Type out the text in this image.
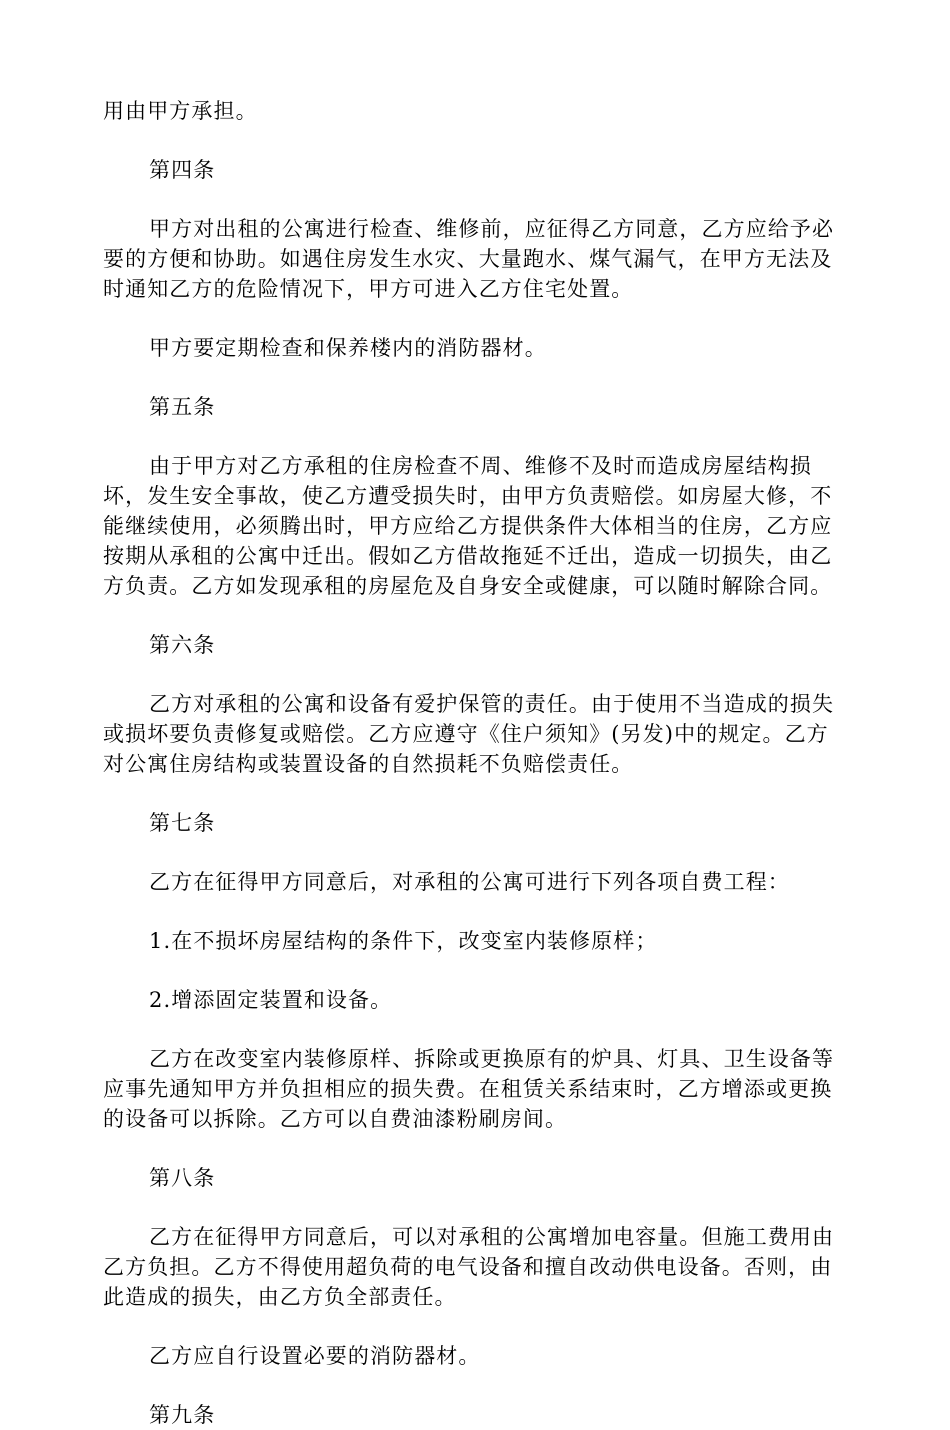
用由甲方承担。

第四条

甲方对出租的公寓进行检查、维修前，应征得乙方同意，乙方应给予必要的方便和协助。如遇住房发生水灾、大量跑水、煤气漏气，在甲方无法及时通知乙方的危险情况下，甲方可进入乙方住宅处置。

甲方要定期检查和保养楼内的消防器材。

第五条

由于甲方对乙方承租的住房检查不周、维修不及时而造成房屋结构损坏，发生安全事故，使乙方遭受损失时，由甲方负责赔偿。如房屋大修，不能继续使用，必须腾出时，甲方应给乙方提供条件大体相当的住房，乙方应按期从承租的公寓中迁出。假如乙方借故拖延不迁出，造成一切损失，由乙方负责。乙方如发现承租的房屋危及自身安全或健康，可以随时解除合同。

第六条

乙方对承租的公寓和设备有爱护保管的责任。由于使用不当造成的损失或损坏要负责修复或赔偿。乙方应遵守《住户须知》(另发)中的规定。乙方对公寓住房结构或装置设备的自然损耗不负赔偿责任。

第七条

乙方在征得甲方同意后，对承租的公寓可进行下列各项自费工程：

1.在不损坏房屋结构的条件下，改变室内装修原样；

2.增添固定装置和设备。

乙方在改变室内装修原样、拆除或更换原有的炉具、灯具、卫生设备等应事先通知甲方并负担相应的损失费。在租赁关系结束时，乙方增添或更换的设备可以拆除。乙方可以自费油漆粉刷房间。

第八条

乙方在征得甲方同意后，可以对承租的公寓增加电容量。但施工费用由乙方负担。乙方不得使用超负荷的电气设备和擅自改动供电设备。否则，由此造成的损失，由乙方负全部责任。

乙方应自行设置必要的消防器材。

第九条
